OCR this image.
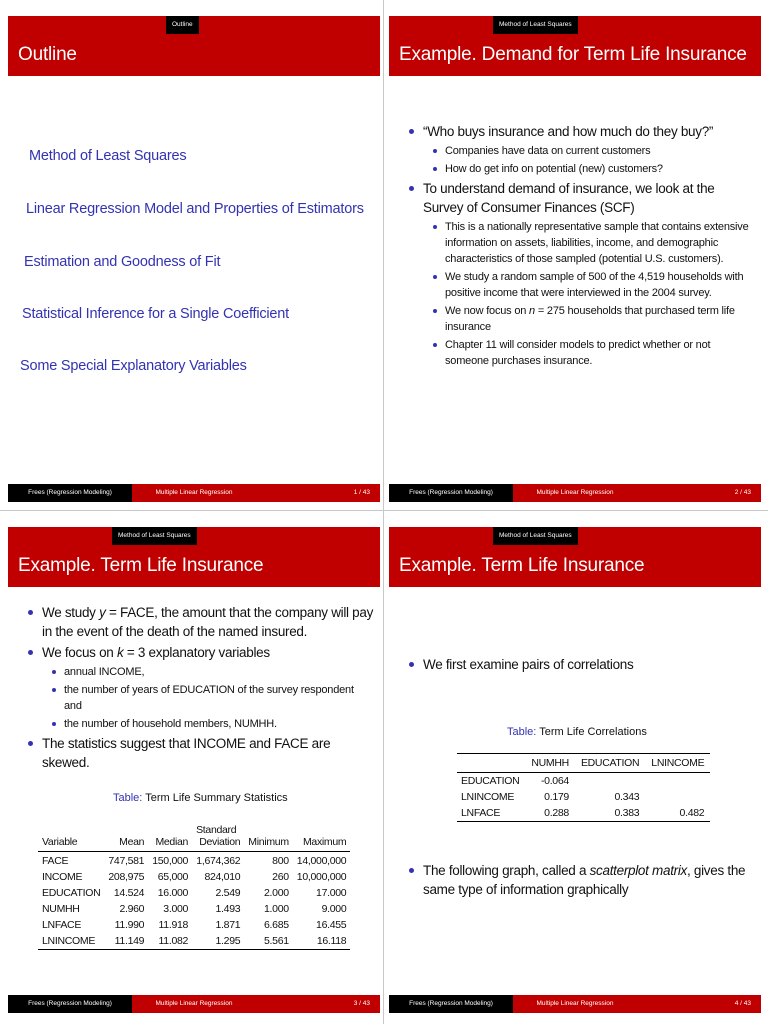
Outline
Outline
Method of Least Squares
Linear Regression Model and Properties of Estimators
Estimation and Goodness of Fit
Statistical Inference for a Single Coefficient
Some Special Explanatory Variables
Frees (Regression Modeling)	Multiple Linear Regression	1 / 43
Method of Least Squares
Example. Demand for Term Life Insurance
“Who buys insurance and how much do they buy?”
Companies have data on current customers
How do get info on potential (new) customers?
To understand demand of insurance, we look at the Survey of Consumer Finances (SCF)
This is a nationally representative sample that contains extensive information on assets, liabilities, income, and demographic characteristics of those sampled (potential U.S. customers).
We study a random sample of 500 of the 4,519 households with positive income that were interviewed in the 2004 survey.
We now focus on n = 275 households that purchased term life insurance
Chapter 11 will consider models to predict whether or not someone purchases insurance.
Frees (Regression Modeling)	Multiple Linear Regression	2 / 43
Method of Least Squares
Example. Term Life Insurance
We study y = FACE, the amount that the company will pay in the event of the death of the named insured.
We focus on k = 3 explanatory variables
annual INCOME,
the number of years of EDUCATION of the survey respondent and
the number of household members, NUMHH.
The statistics suggest that INCOME and FACE are skewed.
Table: Term Life Summary Statistics
			Standard		
Variable	Mean	Median	Deviation	Minimum	Maximum
FACE	747,581	150,000	1,674,362	800	14,000,000
INCOME	208,975	65,000	824,010	260	10,000,000
EDUCATION	14.524	16.000	2.549	2.000	17.000
NUMHH	2.960	3.000	1.493	1.000	9.000
LNFACE	11.990	11.918	1.871	6.685	16.455
LNINCOME	11.149	11.082	1.295	5.561	16.118
Frees (Regression Modeling)	Multiple Linear Regression	3 / 43
Method of Least Squares
Example. Term Life Insurance
We first examine pairs of correlations
Table: Term Life Correlations
	NUMHH	EDUCATION	LNINCOME
EDUCATION	-0.064		
LNINCOME	0.179	0.343	
LNFACE	0.288	0.383	0.482
The following graph, called a scatterplot matrix, gives the same type of information graphically
Frees (Regression Modeling)	Multiple Linear Regression	4 / 43
